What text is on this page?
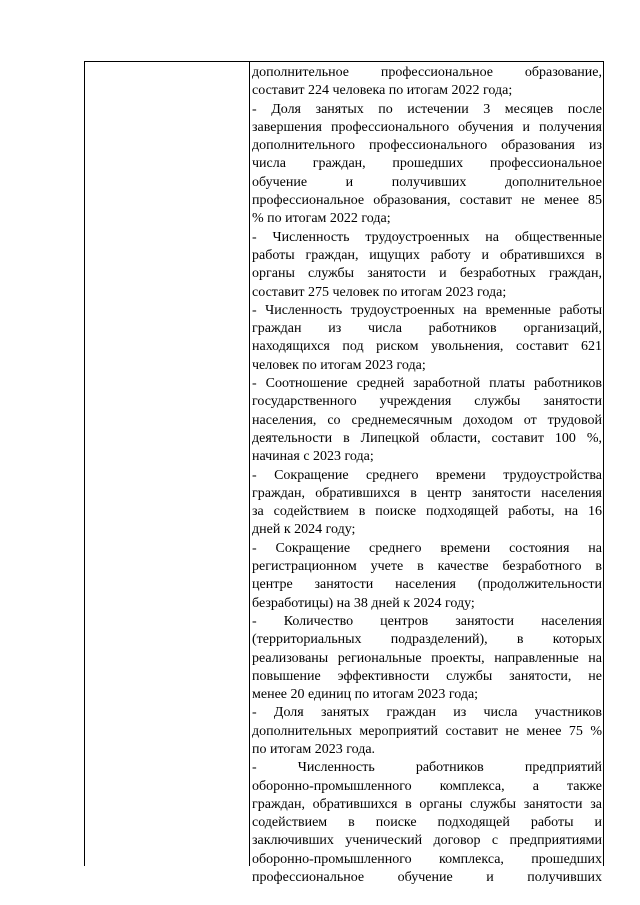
дополнительное профессиональное образование,
составит 224 человека по итогам 2022 года;
- Доля занятых по истечении 3 месяцев после
завершения профессионального обучения и получения
дополнительного профессионального образования из
числа граждан, прошедших профессиональное
обучение и получивших дополнительное
профессиональное образования, составит не менее 85
% по итогам 2022 года;
- Численность трудоустроенных на общественные
работы граждан, ищущих работу и обратившихся в
органы службы занятости и безработных граждан,
составит 275 человек по итогам 2023 года;
- Численность трудоустроенных на временные работы
граждан из числа работников организаций,
находящихся под риском увольнения, составит 621
человек по итогам 2023 года;
- Соотношение средней заработной платы работников
государственного учреждения службы занятости
населения, со среднемесячным доходом от трудовой
деятельности в Липецкой области, составит 100 %,
начиная с 2023 года;
- Сокращение среднего времени трудоустройства
граждан, обратившихся в центр занятости населения
за содействием в поиске подходящей работы, на 16
дней к 2024 году;
- Сокращение среднего времени состояния на
регистрационном учете в качестве безработного в
центре занятости населения (продолжительности
безработицы) на 38 дней к 2024 году;
- Количество центров занятости населения
(территориальных подразделений), в которых
реализованы региональные проекты, направленные на
повышение эффективности службы занятости, не
менее 20 единиц по итогам 2023 года;
- Доля занятых граждан из числа участников
дополнительных мероприятий составит не менее 75 %
по итогам 2023 года.
- Численность работников предприятий
оборонно-промышленного комплекса, а также
граждан, обратившихся в органы службы занятости за
содействием в поиске подходящей работы и
заключивших ученический договор с предприятиями
оборонно-промышленного комплекса, прошедших
профессиональное обучение и получивших
